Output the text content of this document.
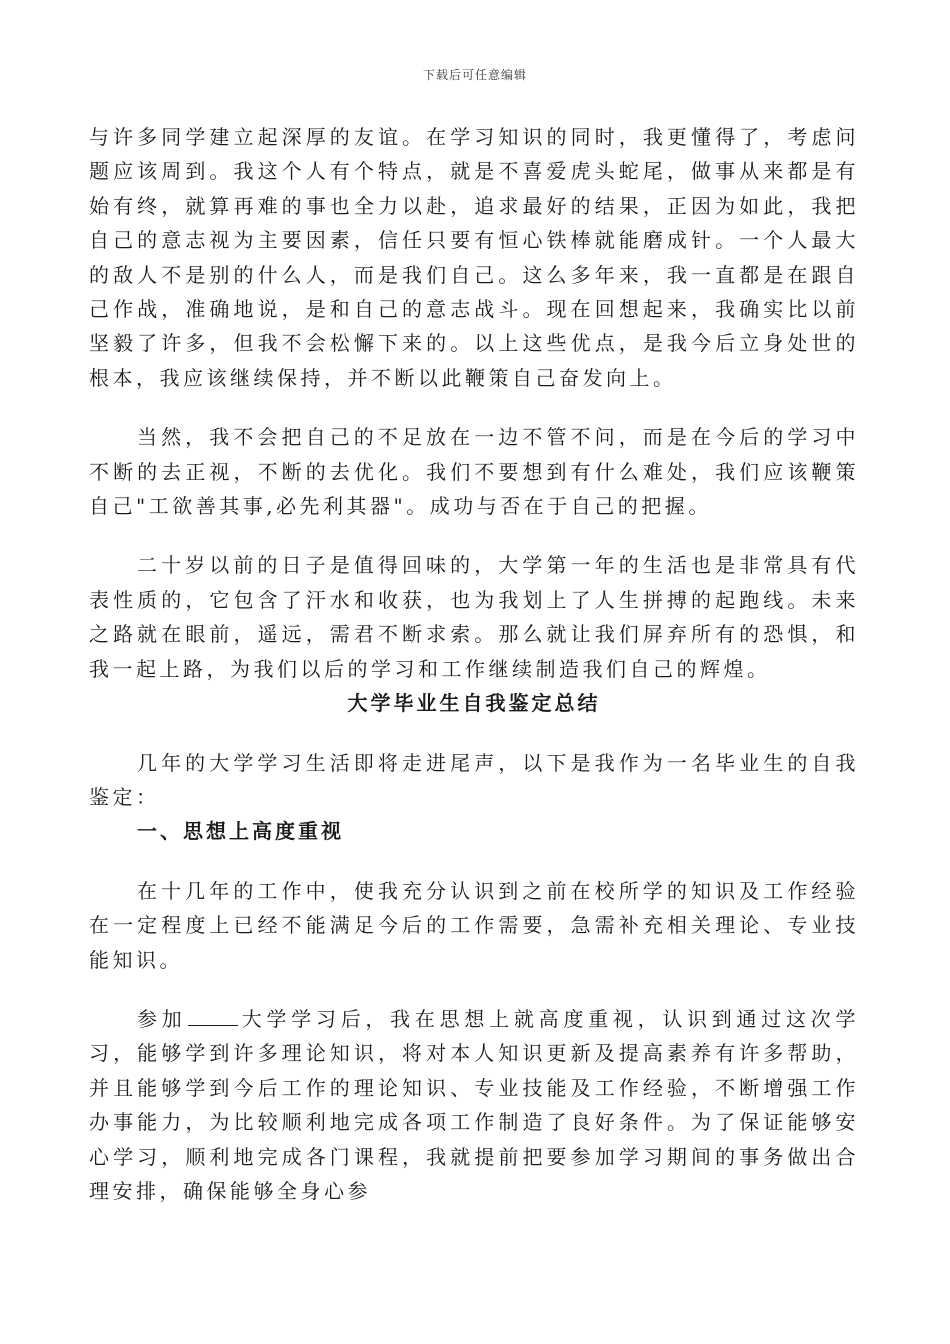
下载后可任意编辑

与许多同学建立起深厚的友谊。在学习知识的同时，我更懂得了，考虑问题应该周到。我这个人有个特点，就是不喜爱虎头蛇尾，做事从来都是有始有终，就算再难的事也全力以赴，追求最好的结果，正因为如此，我把自己的意志视为主要因素，信任只要有恒心铁棒就能磨成针。一个人最大的敌人不是别的什么人，而是我们自己。这么多年来，我一直都是在跟自己作战，准确地说，是和自己的意志战斗。现在回想起来，我确实比以前坚毅了许多，但我不会松懈下来的。以上这些优点，是我今后立身处世的根本，我应该继续保持，并不断以此鞭策自己奋发向上。

当然，我不会把自己的不足放在一边不管不问，而是在今后的学习中不断的去正视，不断的去优化。我们不要想到有什么难处，我们应该鞭策自己"工欲善其事,必先利其器"。成功与否在于自己的把握。

二十岁以前的日子是值得回味的，大学第一年的生活也是非常具有代表性质的，它包含了汗水和收获，也为我划上了人生拼搏的起跑线。未来之路就在眼前，遥远，需君不断求索。那么就让我们屏弃所有的恐惧，和我一起上路，为我们以后的学习和工作继续制造我们自己的辉煌。

大学毕业生自我鉴定总结

几年的大学学习生活即将走进尾声，以下是我作为一名毕业生的自我鉴定：

一、思想上高度重视

在十几年的工作中，使我充分认识到之前在校所学的知识及工作经验在一定程度上已经不能满足今后的工作需要，急需补充相关理论、专业技能知识。

参加	大学学习后，我在思想上就高度重视，认识到通过这次学习，能够学到许多理论知识，将对本人知识更新及提高素养有许多帮助，并且能够学到今后工作的理论知识、专业技能及工作经验，不断增强工作办事能力，为比较顺利地完成各项工作制造了良好条件。为了保证能够安心学习，顺利地完成各门课程，我就提前把要参加学习期间的事务做出合理安排，确保能够全身心参
